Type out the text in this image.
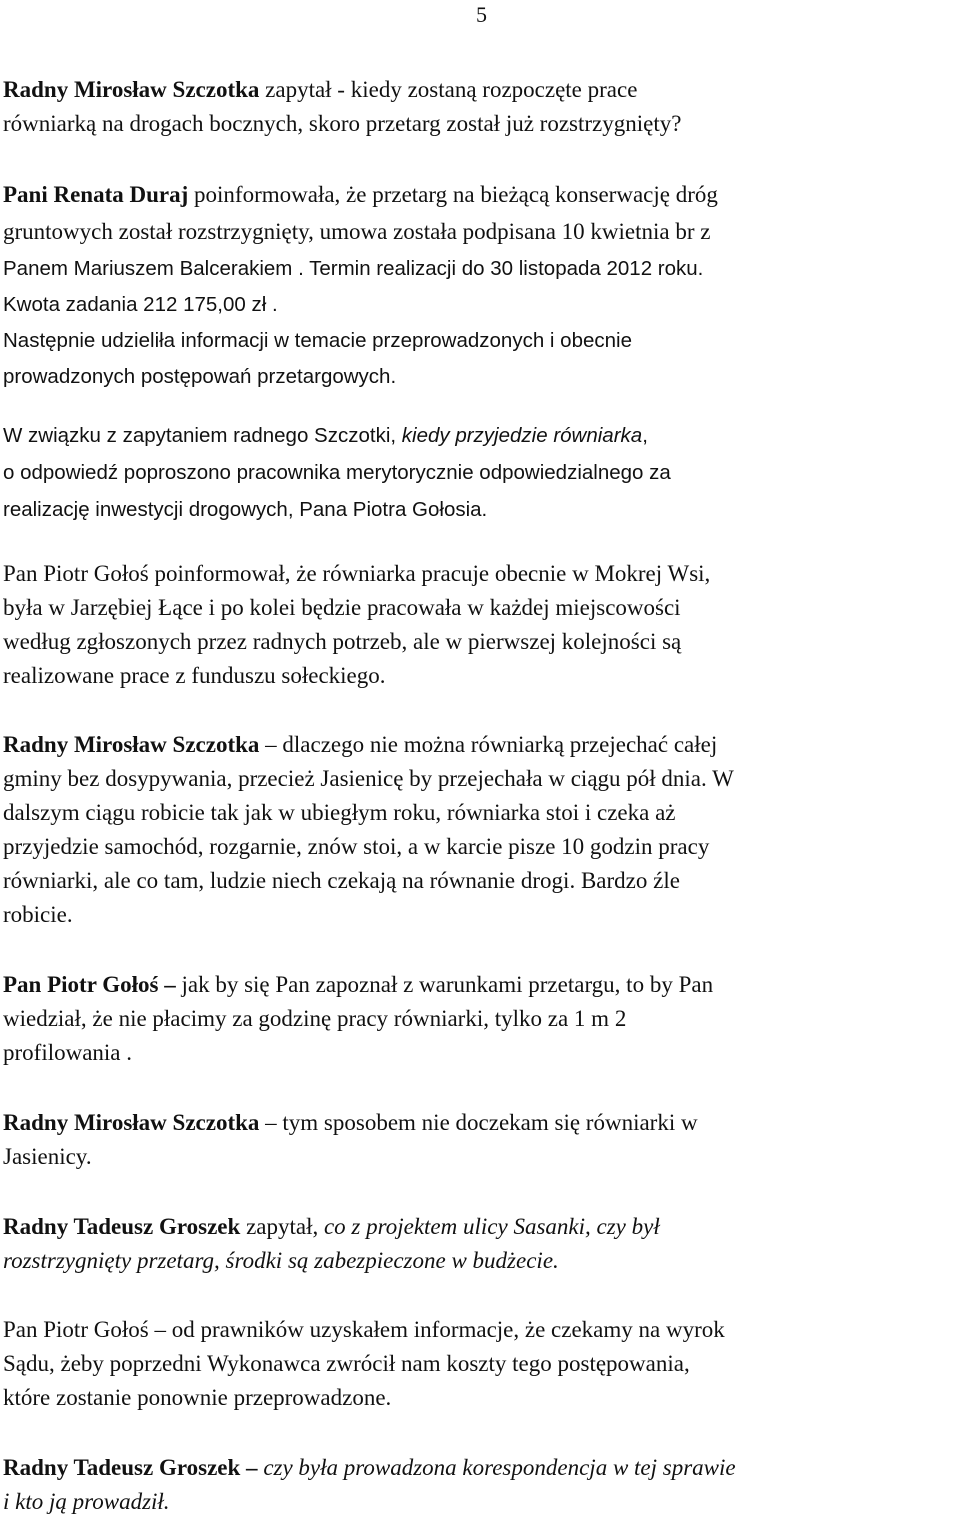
5
Radny Mirosław Szczotka zapytał - kiedy zostaną rozpoczęte prace
równiarką na drogach bocznych, skoro przetarg został już rozstrzygnięty?
Pani Renata Duraj poinformowała, że przetarg na bieżącą konserwację dróg
gruntowych został rozstrzygnięty, umowa została podpisana 10 kwietnia br z
Panem Mariuszem Balcerakiem . Termin realizacji do 30 listopada 2012 roku.
Kwota zadania 212 175,00 zł .
Następnie udzieliła informacji w temacie przeprowadzonych i obecnie
prowadzonych postępowań przetargowych.
W związku z zapytaniem radnego Szczotki, kiedy przyjedzie równiarka,
o odpowiedź poproszono pracownika merytorycznie odpowiedzialnego za
realizację inwestycji drogowych, Pana Piotra Gołosia.
Pan Piotr Gołoś poinformował, że równiarka pracuje obecnie w Mokrej Wsi,
była w Jarzębiej Łące i po kolei będzie pracowała w każdej miejscowości
według zgłoszonych przez radnych potrzeb, ale w pierwszej kolejności są
realizowane prace z funduszu sołeckiego.
Radny Mirosław Szczotka – dlaczego nie można równiarką przejechać całej
gminy bez dosypywania, przecież Jasienicę by przejechała w ciągu pół dnia. W
dalszym ciągu robicie tak jak w ubiegłym roku, równiarka stoi i czeka aż
przyjedzie samochód, rozgarnie, znów stoi, a w karcie pisze 10 godzin pracy
równiarki, ale co tam, ludzie niech czekają na równanie drogi. Bardzo źle
robicie.
Pan Piotr Gołoś – jak by się Pan zapoznał z warunkami przetargu, to by Pan
wiedział, że nie płacimy za godzinę pracy równiarki, tylko za 1 m 2
profilowania .
Radny Mirosław Szczotka – tym sposobem nie doczekam się równiarki w
Jasienicy.
Radny Tadeusz Groszek zapytał, co z projektem ulicy Sasanki, czy był
rozstrzygnięty przetarg, środki są zabezpieczone w budżecie.
Pan Piotr Gołoś – od prawników uzyskałem informacje, że czekamy na wyrok
Sądu, żeby poprzedni Wykonawca zwrócił nam koszty tego postępowania,
które zostanie ponownie przeprowadzone.
Radny Tadeusz Groszek – czy była prowadzona korespondencja w tej sprawie
i kto ją prowadził.
